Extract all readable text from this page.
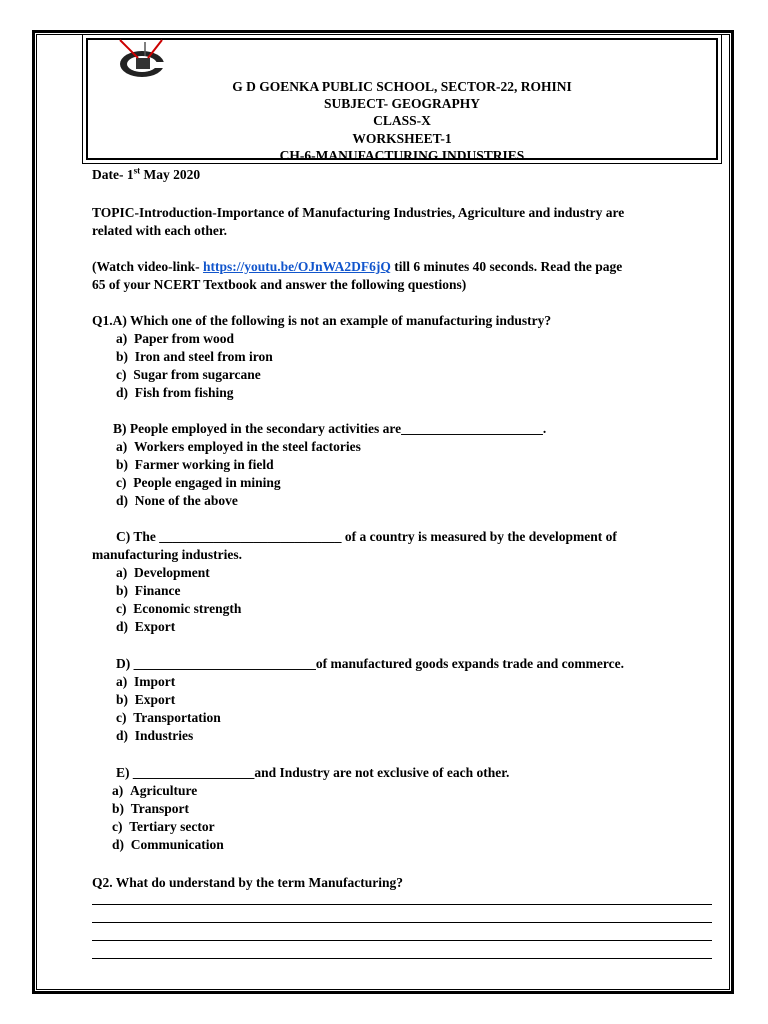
G D GOENKA PUBLIC SCHOOL, SECTOR-22, ROHINI
SUBJECT- GEOGRAPHY
CLASS-X
WORKSHEET-1
CH-6-MANUFACTURING INDUSTRIES
Date- 1st May 2020
TOPIC-Introduction-Importance of Manufacturing Industries, Agriculture and industry are
related with each other.
(Watch video-link- https://youtu.be/OJnWA2DF6jQ till 6 minutes 40 seconds. Read the page
65 of your NCERT Textbook and answer the following questions)
Q1.A) Which one of the following is not an example of manufacturing industry?
a) Paper from wood
b) Iron and steel from iron
c) Sugar from sugarcane
d) Fish from fishing
B) People employed in the secondary activities are_____________________.
a) Workers employed in the steel factories
b) Farmer working in field
c) People engaged in mining
d) None of the above
C) The ___________________________ of a country is measured by the development of
manufacturing industries.
a) Development
b) Finance
c) Economic strength
d) Export
D) ___________________________of manufactured goods expands trade and commerce.
a) Import
b) Export
c) Transportation
d) Industries
E) __________________and Industry are not exclusive of each other.
a) Agriculture
b) Transport
c) Tertiary sector
d) Communication
Q2. What do understand by the term Manufacturing?
